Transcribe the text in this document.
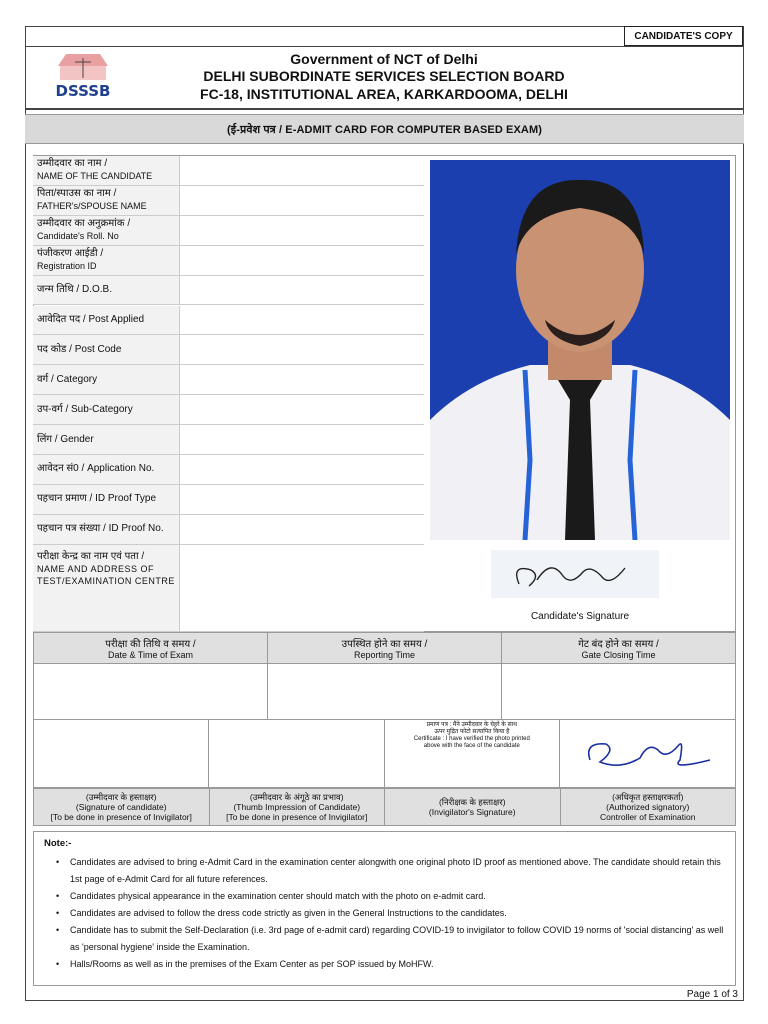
CANDIDATE'S COPY
DSSSB
Government of NCT of Delhi
DELHI SUBORDINATE SERVICES SELECTION BOARD
FC-18, INSTITUTIONAL AREA, KARKARDOOMA, DELHI
(ई-प्रवेश पत्र / E-ADMIT CARD FOR COMPUTER BASED EXAM)
उम्मीदवार का नाम /
NAME OF THE CANDIDATE
पिता/स्पाउस का नाम /
FATHER's/SPOUSE NAME
उम्मीदवार का अनुक्रमांक /
Candidate's Roll. No
पंजीकरण आईडी /
Registration ID
जन्म तिथि / D.O.B.
आवेदित पद / Post Applied
पद कोड / Post Code
वर्ग / Category
उप-वर्ग / Sub-Category
लिंग / Gender
आवेदन सं0 / Application No.
पहचान प्रमाण / ID Proof Type
पहचान पत्र संख्या / ID Proof No.
परीक्षा केन्द्र का नाम एवं पता /
NAME AND ADDRESS OF TEST/EXAMINATION CENTRE
Candidate's Signature
परीक्षा की तिथि व समय /
Date & Time of Exam
उपस्थित होने का समय /
Reporting Time
गेट बंद होने का समय /
Gate Closing Time
प्रमाण पत्र : मैंने उम्मीदवार के चेहरे के साथ
ऊपर मुद्रित फोटो सत्यापित किया है
Certificate : I have verified the photo printed
above with the face of the candidate
(उम्मीदवार के हस्ताक्षर)
(Signature of candidate)
[To be done in presence of Invigilator]
(उम्मीदवार के अंगूठे का प्रभाव)
(Thumb Impression of Candidate)
[To be done in presence of Invigilator]
(निरीक्षक के हस्ताक्षर)
(Invigilator's Signature)
(अधिकृत हस्ताक्षरकर्ता)
(Authorized signatory)
Controller of Examination
Note:-
• Candidates are advised to bring e-Admit Card in the examination center alongwith one original photo ID proof as mentioned above. The candidate should retain this 1st page of e-Admit Card for all future references.
• Candidates physical appearance in the examination center should match with the photo on e-admit card.
• Candidates are advised to follow the dress code strictly as given in the General Instructions to the candidates.
• Candidate has to submit the Self-Declaration (i.e. 3rd page of e-admit card) regarding COVID-19 to invigilator to follow COVID 19 norms of 'social distancing' as well as 'personal hygiene' inside the Examination.
• Halls/Rooms as well as in the premises of the Exam Center as per SOP issued by MoHFW.
Page 1 of 3
